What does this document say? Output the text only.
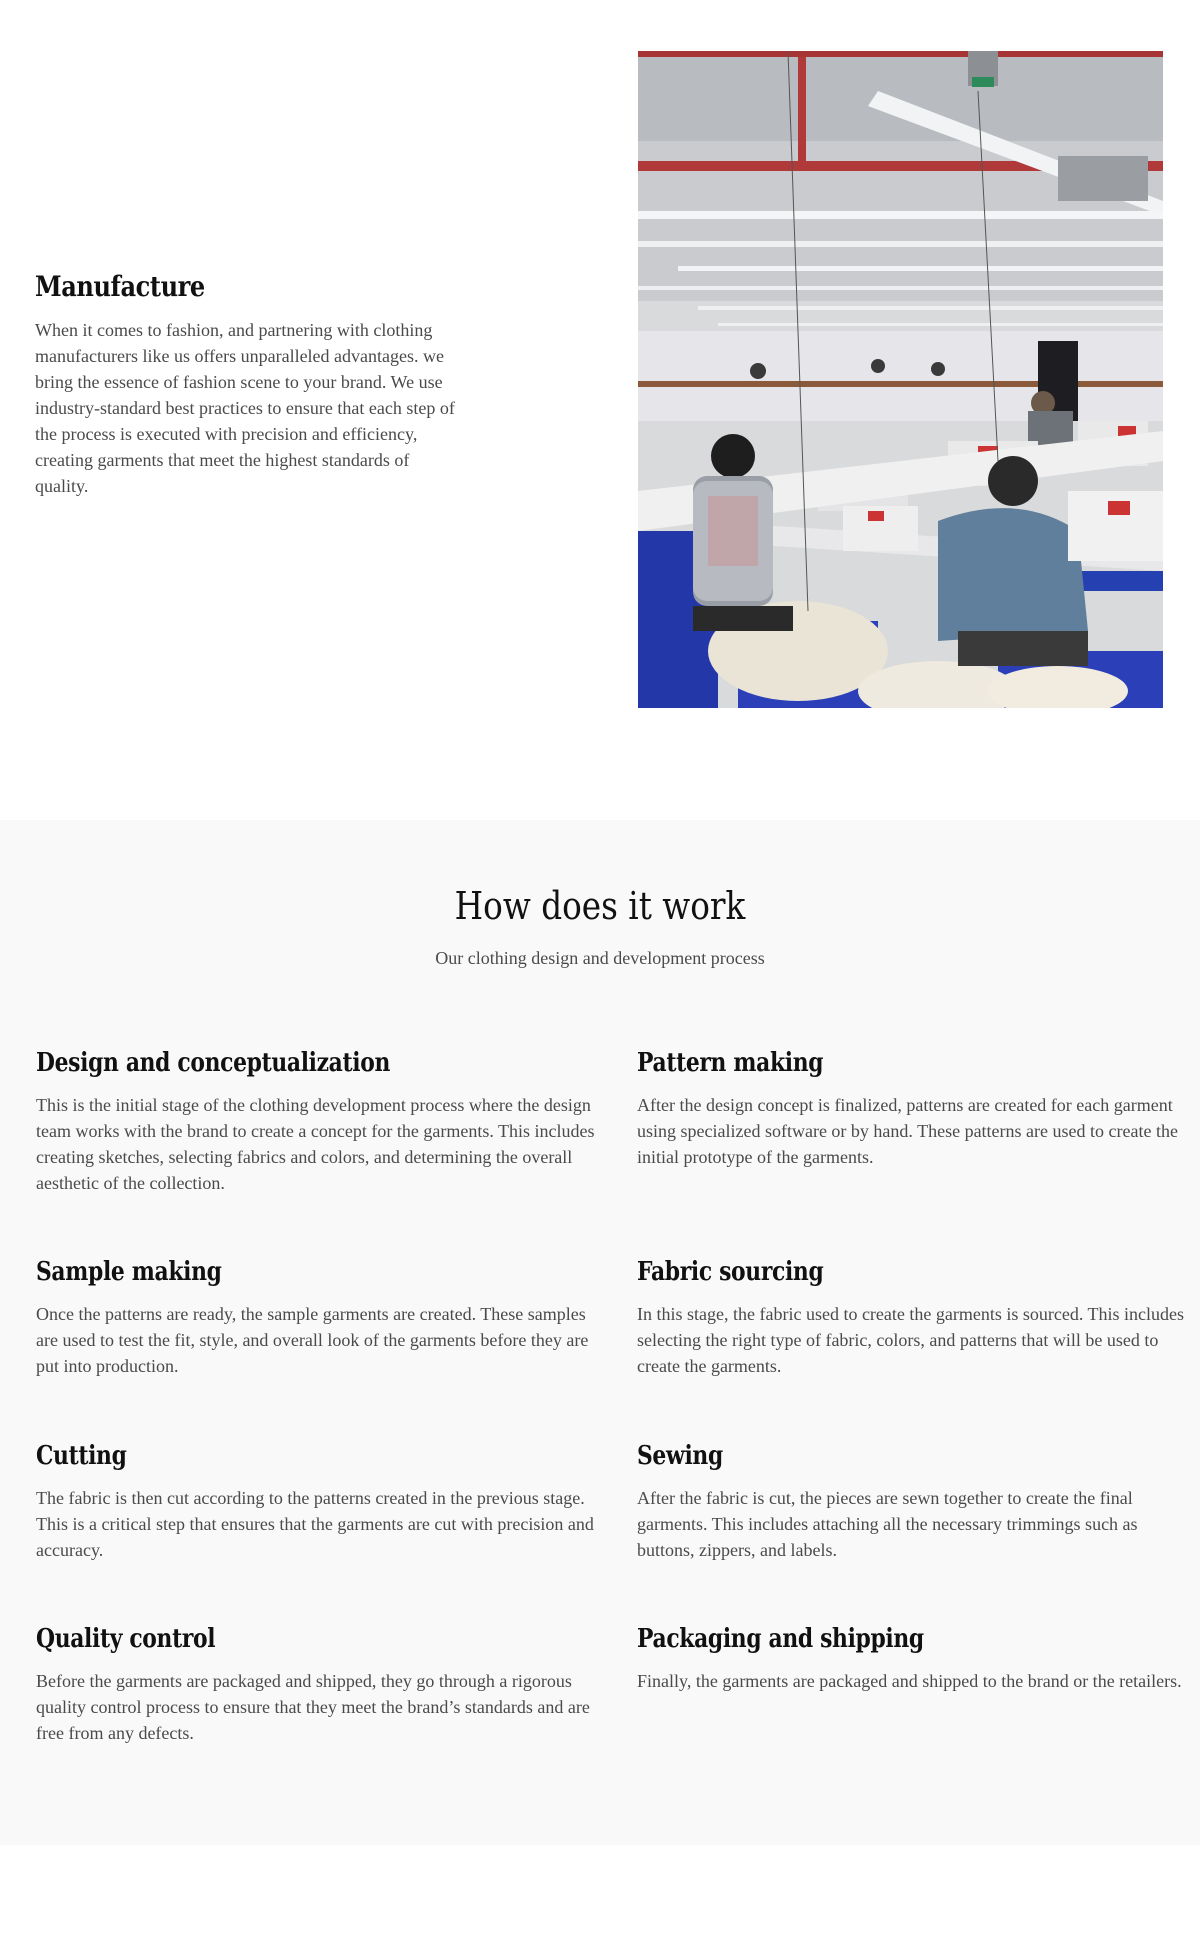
Manufacture

When it comes to fashion, and partnering with clothing manufacturers like us offers unparalleled advantages. we bring the essence of fashion scene to your brand. We use industry-standard best practices to ensure that each step of the process is executed with precision and efficiency, creating garments that meet the highest standards of quality.

How does it work

Our clothing design and development process

Design and conceptualization

This is the initial stage of the clothing development process where the design team works with the brand to create a concept for the garments. This includes creating sketches, selecting fabrics and colors, and determining the overall aesthetic of the collection.

Pattern making

After the design concept is finalized, patterns are created for each garment using specialized software or by hand. These patterns are used to create the initial prototype of the garments.

Sample making

Once the patterns are ready, the sample garments are created. These samples are used to test the fit, style, and overall look of the garments before they are put into production.

Fabric sourcing

In this stage, the fabric used to create the garments is sourced. This includes selecting the right type of fabric, colors, and patterns that will be used to create the garments.

Cutting

The fabric is then cut according to the patterns created in the previous stage. This is a critical step that ensures that the garments are cut with precision and accuracy.

Sewing

After the fabric is cut, the pieces are sewn together to create the final garments. This includes attaching all the necessary trimmings such as buttons, zippers, and labels.

Quality control

Before the garments are packaged and shipped, they go through a rigorous quality control process to ensure that they meet the brand’s standards and are free from any defects.

Packaging and shipping

Finally, the garments are packaged and shipped to the brand or the retailers.
